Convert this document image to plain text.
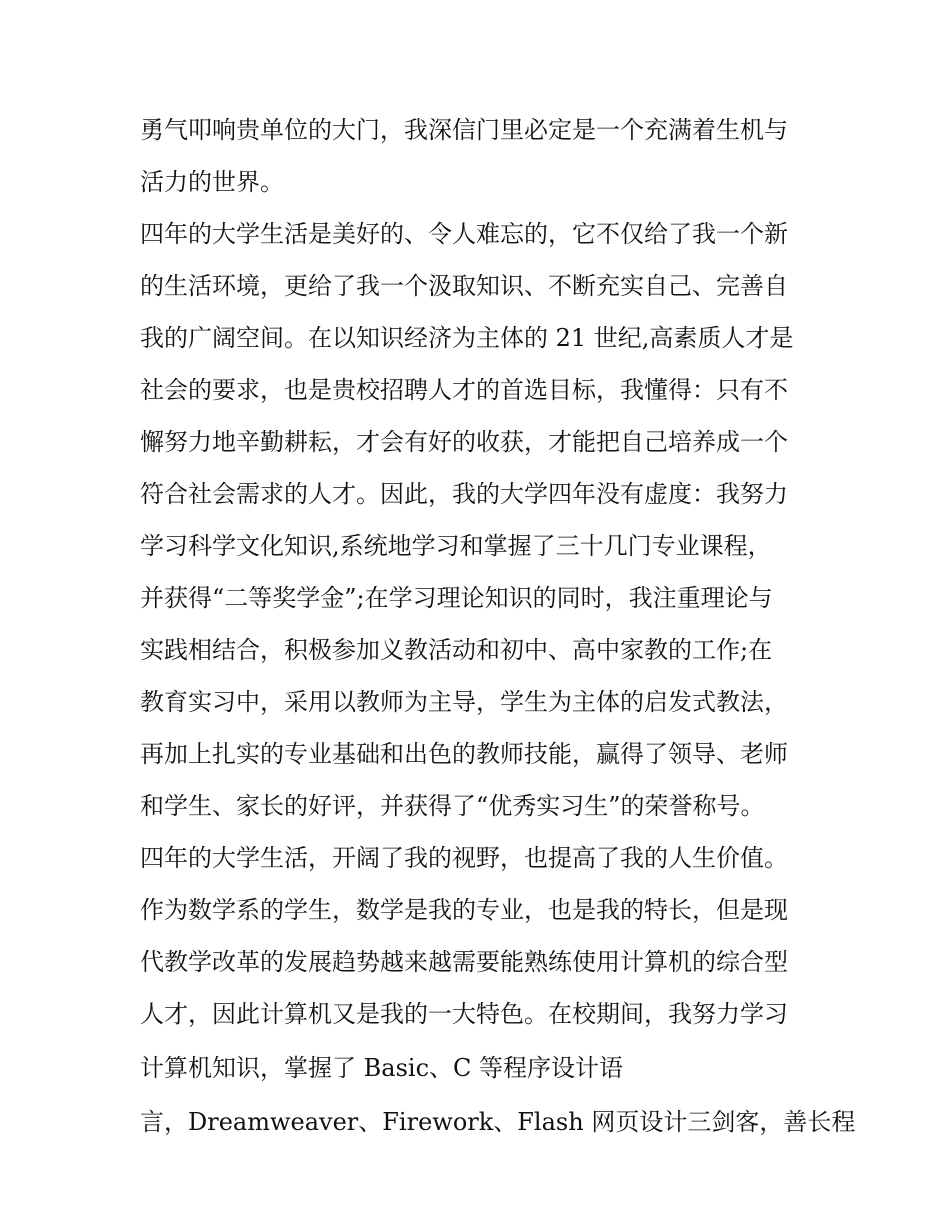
勇气叩响贵单位的大门，我深信门里必定是一个充满着生机与
活力的世界。
四年的大学生活是美好的、令人难忘的，它不仅给了我一个新
的生活环境，更给了我一个汲取知识、不断充实自己、完善自
我的广阔空间。在以知识经济为主体的 21 世纪,高素质人才是
社会的要求，也是贵校招聘人才的首选目标，我懂得：只有不
懈努力地辛勤耕耘，才会有好的收获，才能把自己培养成一个
符合社会需求的人才。因此，我的大学四年没有虚度：我努力
学习科学文化知识,系统地学习和掌握了三十几门专业课程，
并获得“二等奖学金”;在学习理论知识的同时，我注重理论与
实践相结合，积极参加义教活动和初中、高中家教的工作;在
教育实习中，采用以教师为主导，学生为主体的启发式教法，
再加上扎实的专业基础和出色的教师技能，赢得了领导、老师
和学生、家长的好评，并获得了“优秀实习生”的荣誉称号。
四年的大学生活，开阔了我的视野，也提高了我的人生价值。
作为数学系的学生，数学是我的专业，也是我的特长，但是现
代教学改革的发展趋势越来越需要能熟练使用计算机的综合型
人才，因此计算机又是我的一大特色。在校期间，我努力学习
计算机知识，掌握了 Basic、C 等程序设计语
言，Dreamweaver、Firework、Flash 网页设计三剑客，善长程
